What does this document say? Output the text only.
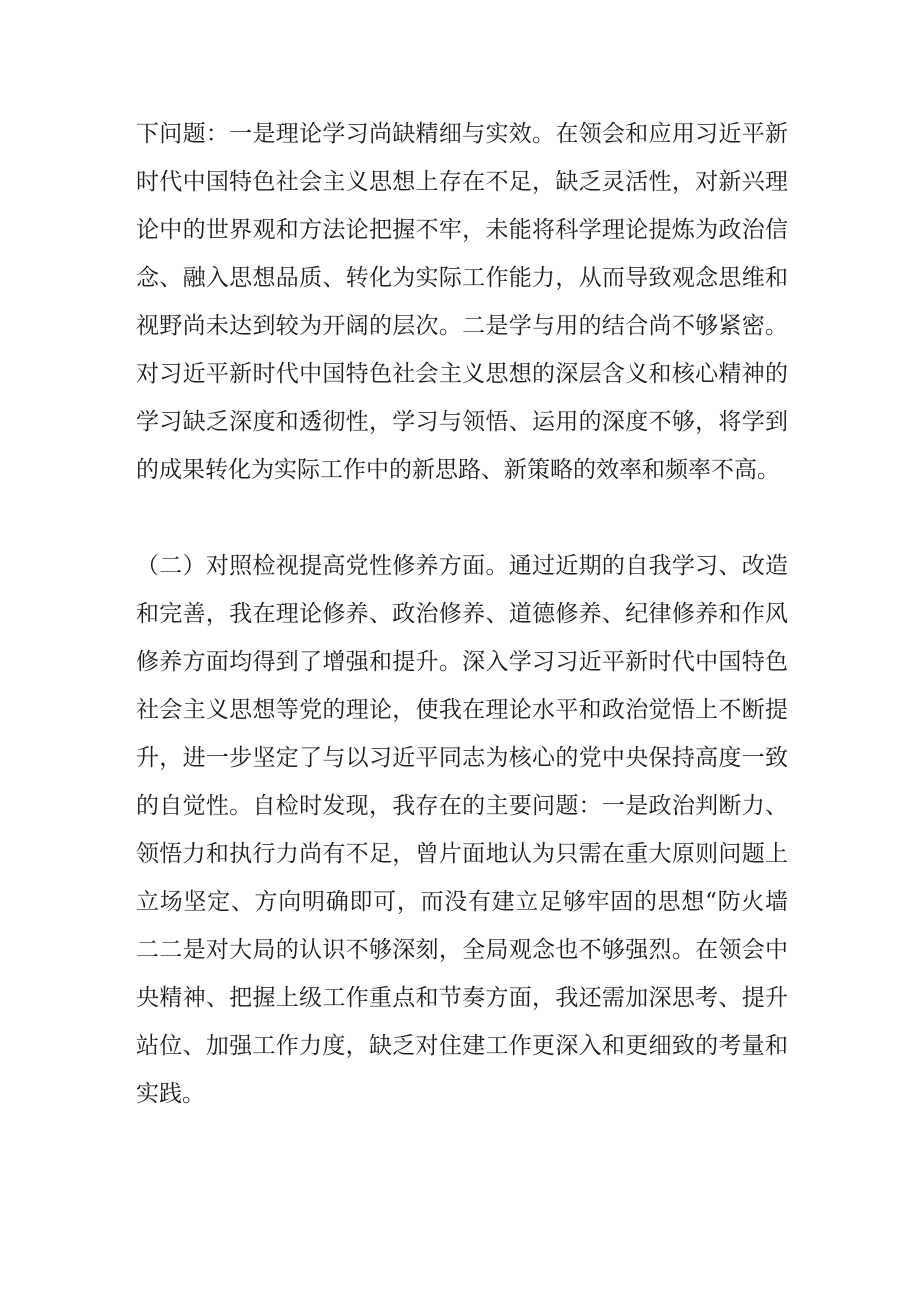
下问题：一是理论学习尚缺精细与实效。在领会和应用习近平新
时代中国特色社会主义思想上存在不足，缺乏灵活性，对新兴理
论中的世界观和方法论把握不牢，未能将科学理论提炼为政治信
念、融入思想品质、转化为实际工作能力，从而导致观念思维和
视野尚未达到较为开阔的层次。二是学与用的结合尚不够紧密。
对习近平新时代中国特色社会主义思想的深层含义和核心精神的
学习缺乏深度和透彻性，学习与领悟、运用的深度不够，将学到
的成果转化为实际工作中的新思路、新策略的效率和频率不高。
（二）对照检视提高党性修养方面。通过近期的自我学习、改造
和完善，我在理论修养、政治修养、道德修养、纪律修养和作风
修养方面均得到了增强和提升。深入学习习近平新时代中国特色
社会主义思想等党的理论，使我在理论水平和政治觉悟上不断提
升，进一步坚定了与以习近平同志为核心的党中央保持高度一致
的自觉性。自检时发现，我存在的主要问题：一是政治判断力、
领悟力和执行力尚有不足，曾片面地认为只需在重大原则问题上
立场坚定、方向明确即可，而没有建立足够牢固的思想“防火墙
二二是对大局的认识不够深刻，全局观念也不够强烈。在领会中
央精神、把握上级工作重点和节奏方面，我还需加深思考、提升
站位、加强工作力度，缺乏对住建工作更深入和更细致的考量和
实践。
